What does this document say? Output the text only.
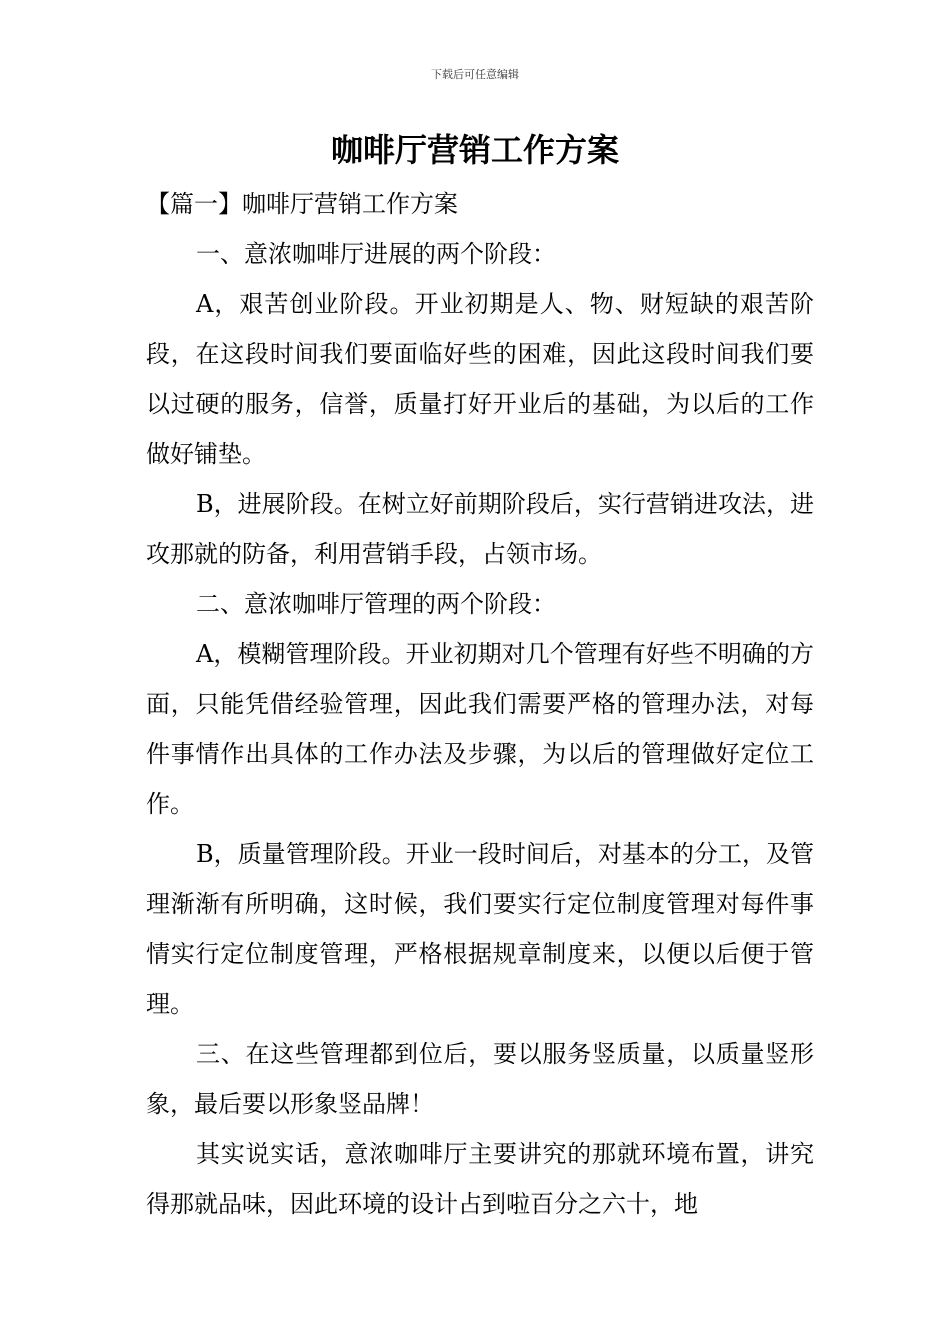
下载后可任意编辑
咖啡厅营销工作方案

【篇一】咖啡厅营销工作方案

一、意浓咖啡厅进展的两个阶段：

A，艰苦创业阶段。开业初期是人、物、财短缺的艰苦阶段，在这段时间我们要面临好些的困难，因此这段时间我们要以过硬的服务，信誉，质量打好开业后的基础，为以后的工作做好铺垫。

B，进展阶段。在树立好前期阶段后，实行营销进攻法，进攻那就的防备，利用营销手段，占领市场。

二、意浓咖啡厅管理的两个阶段：

A，模糊管理阶段。开业初期对几个管理有好些不明确的方面，只能凭借经验管理，因此我们需要严格的管理办法，对每件事情作出具体的工作办法及步骤，为以后的管理做好定位工作。

B，质量管理阶段。开业一段时间后，对基本的分工，及管理渐渐有所明确，这时候，我们要实行定位制度管理对每件事情实行定位制度管理，严格根据规章制度来，以便以后便于管理。

三、在这些管理都到位后，要以服务竖质量，以质量竖形象，最后要以形象竖品牌！

其实说实话，意浓咖啡厅主要讲究的那就环境布置，讲究得那就品味，因此环境的设计占到啦百分之六十，地
